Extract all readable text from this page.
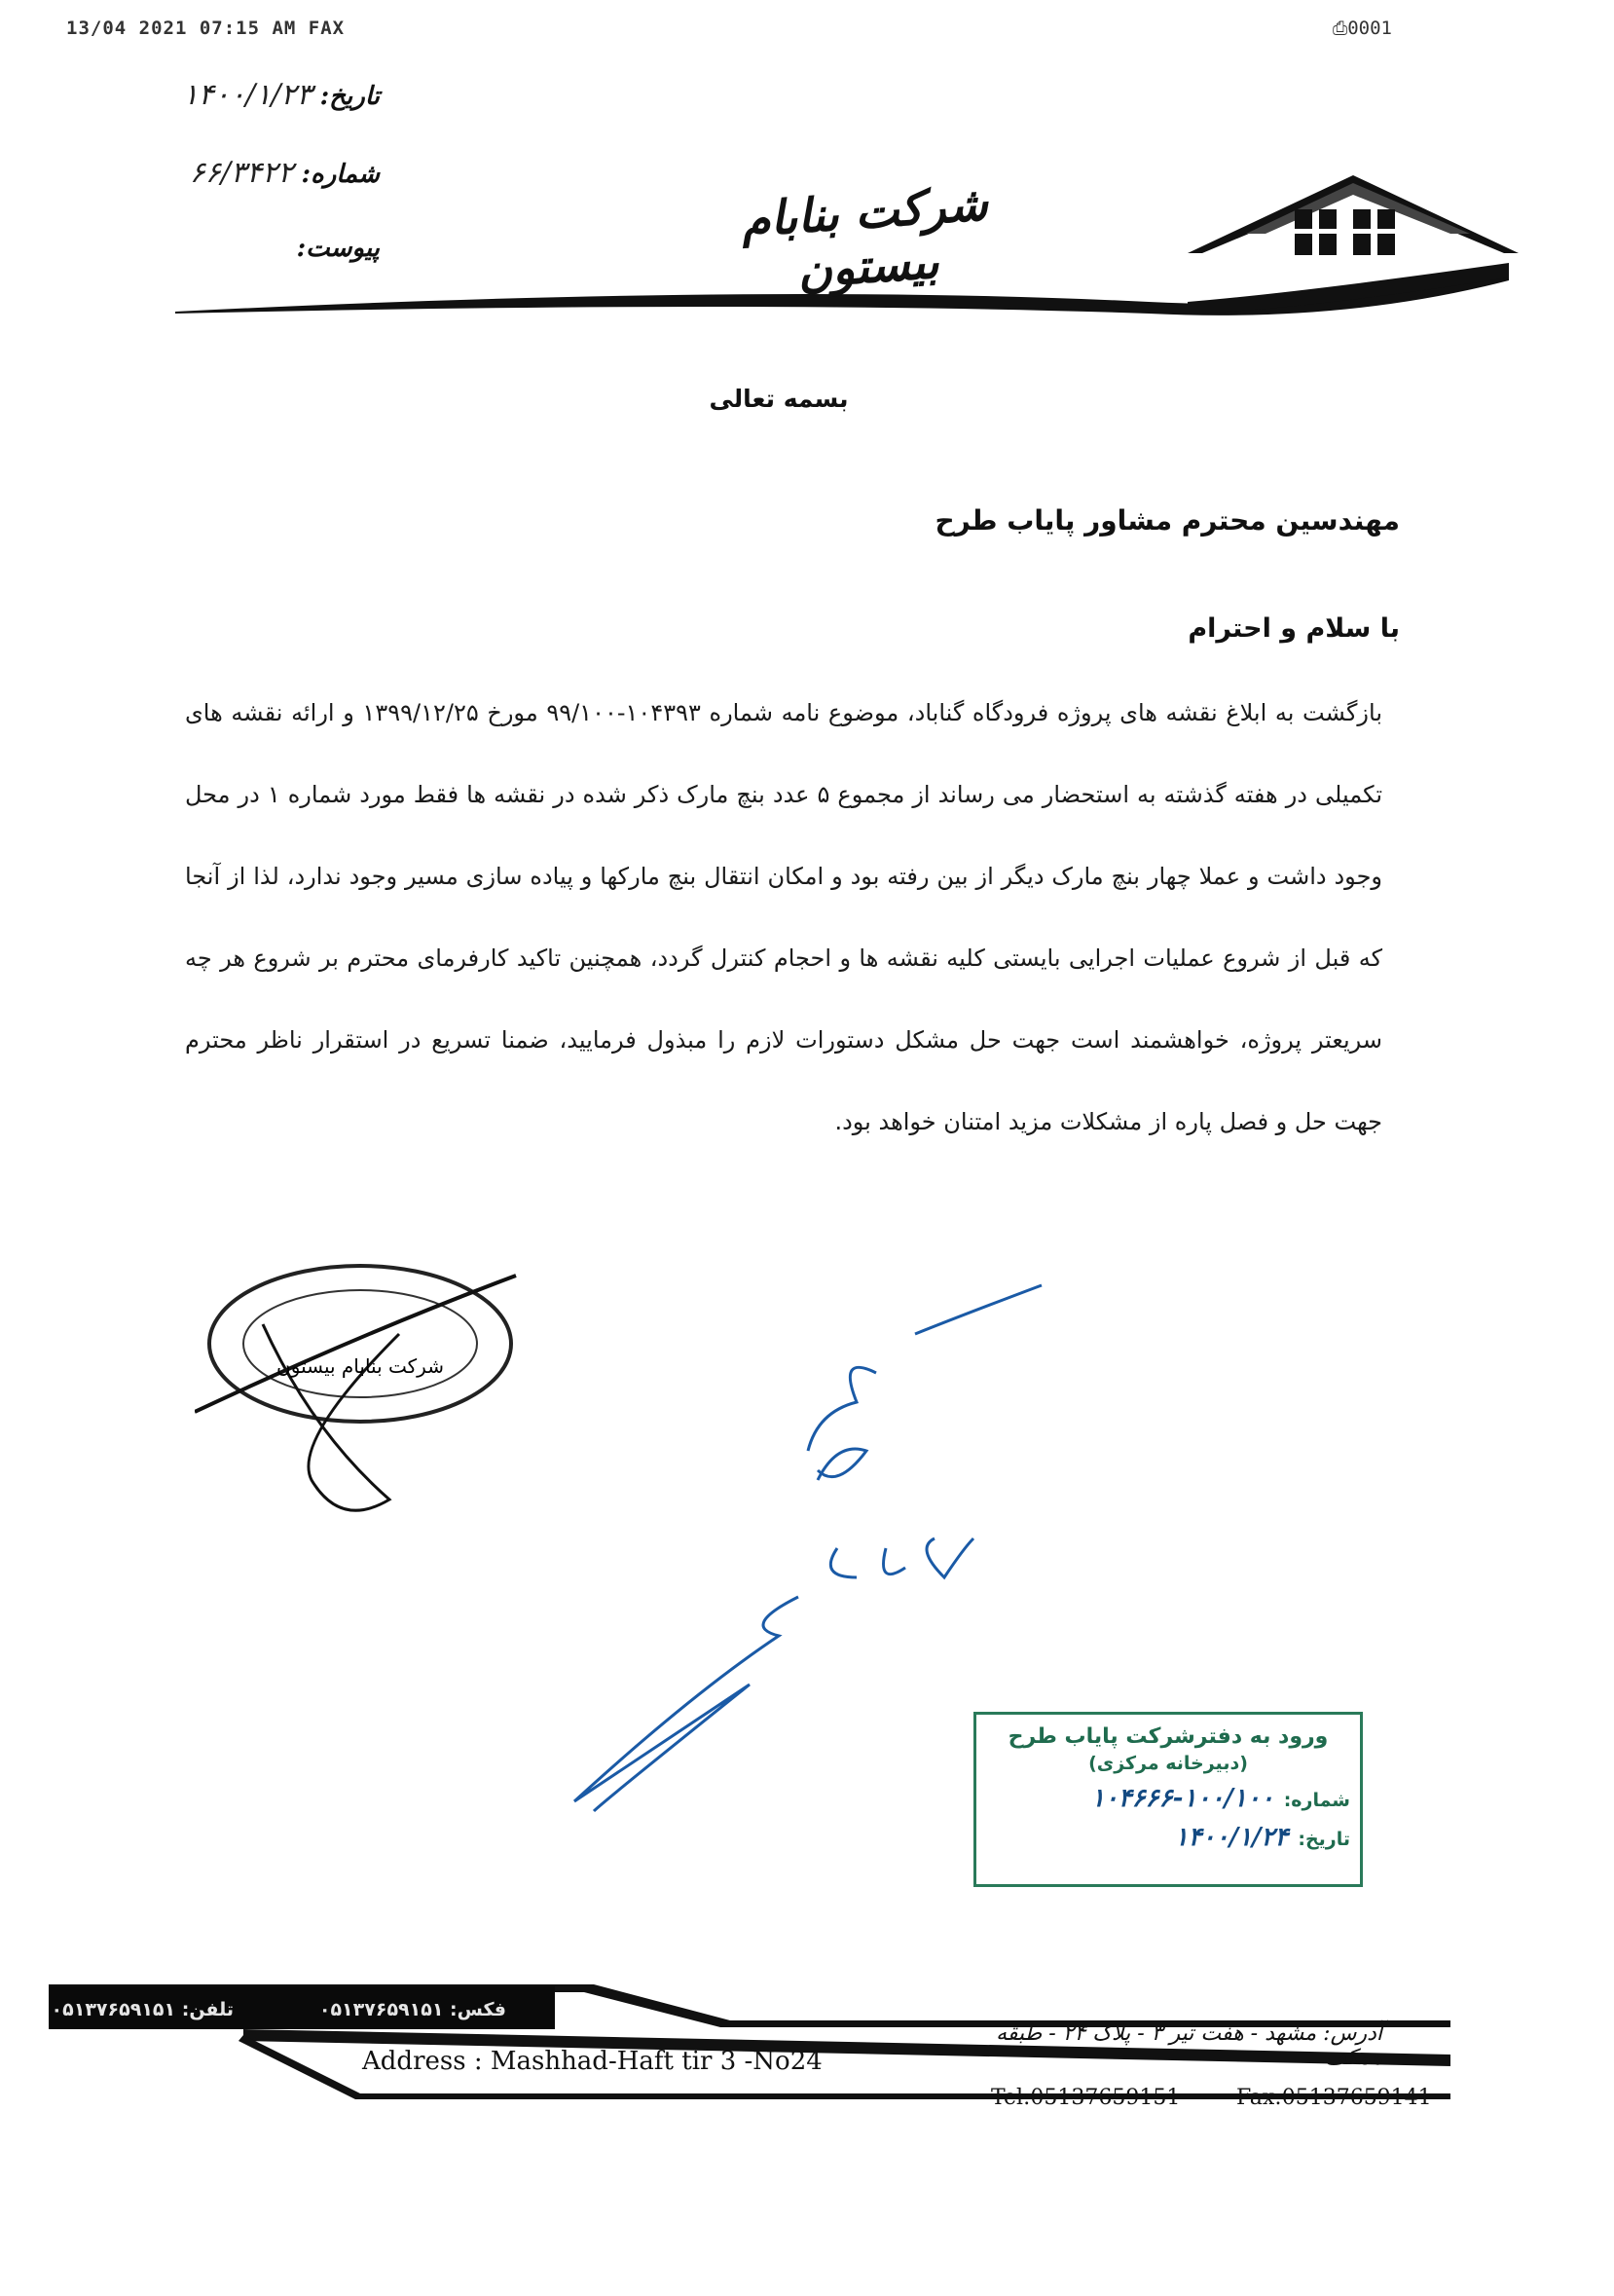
13/04 2021 07:15 AM FAX	⎙0001
تاریخ:
۱۴۰۰/۱/۲۳
شماره:
۶۶/۳۴۲۲
پیوست:
شرکت بنابام بیستون
بسمه تعالی
مهندسین محترم مشاور پایاب طرح
با سلام و احترام
بازگشت به ابلاغ نقشه های پروژه فرودگاه گناباد، موضوع نامه شماره ۱۰۴۳۹۳-۹۹/۱۰۰ مورخ ۱۳۹۹/۱۲/۲۵ و ارائه نقشه های تکمیلی در هفته گذشته به استحضار می رساند از مجموع ۵ عدد بنچ مارک ذکر شده در نقشه ها فقط مورد شماره ۱ در محل وجود داشت و عملا چهار بنچ مارک دیگر از بین رفته بود و امکان انتقال بنچ مارکها و پیاده سازی مسیر وجود ندارد، لذا از آنجا که قبل از شروع عملیات اجرایی بایستی کلیه نقشه ها و احجام کنترل گردد، همچنین تاکید کارفرمای محترم بر شروع هر چه سریعتر پروژه، خواهشمند است جهت حل مشکل دستورات لازم را مبذول فرمایید، ضمنا تسریع در استقرار ناظر محترم جهت حل و فصل پاره از مشکلات مزید امتنان خواهد بود.
شرکت بنابام بیستون
ورود به دفترشرکت پایاب طرح
(دبیرخانه مرکزی)
شماره:
۱۰۴۶۶۶-۱۰۰/۱۰۰
تاریخ:
۱۴۰۰/۱/۲۴
۰۵۱۳۷۶۵۹۱۵۱ :تلفن	۰۵۱۳۷۶۵۹۱۵۱ :فکس
آدرس: مشهد - هفت تیر ۳ - پلاک ۲۴ - طبقه همکف
Address : Mashhad-Haft tir 3 -No24
Tel:05137659151	Fax:05137659141
